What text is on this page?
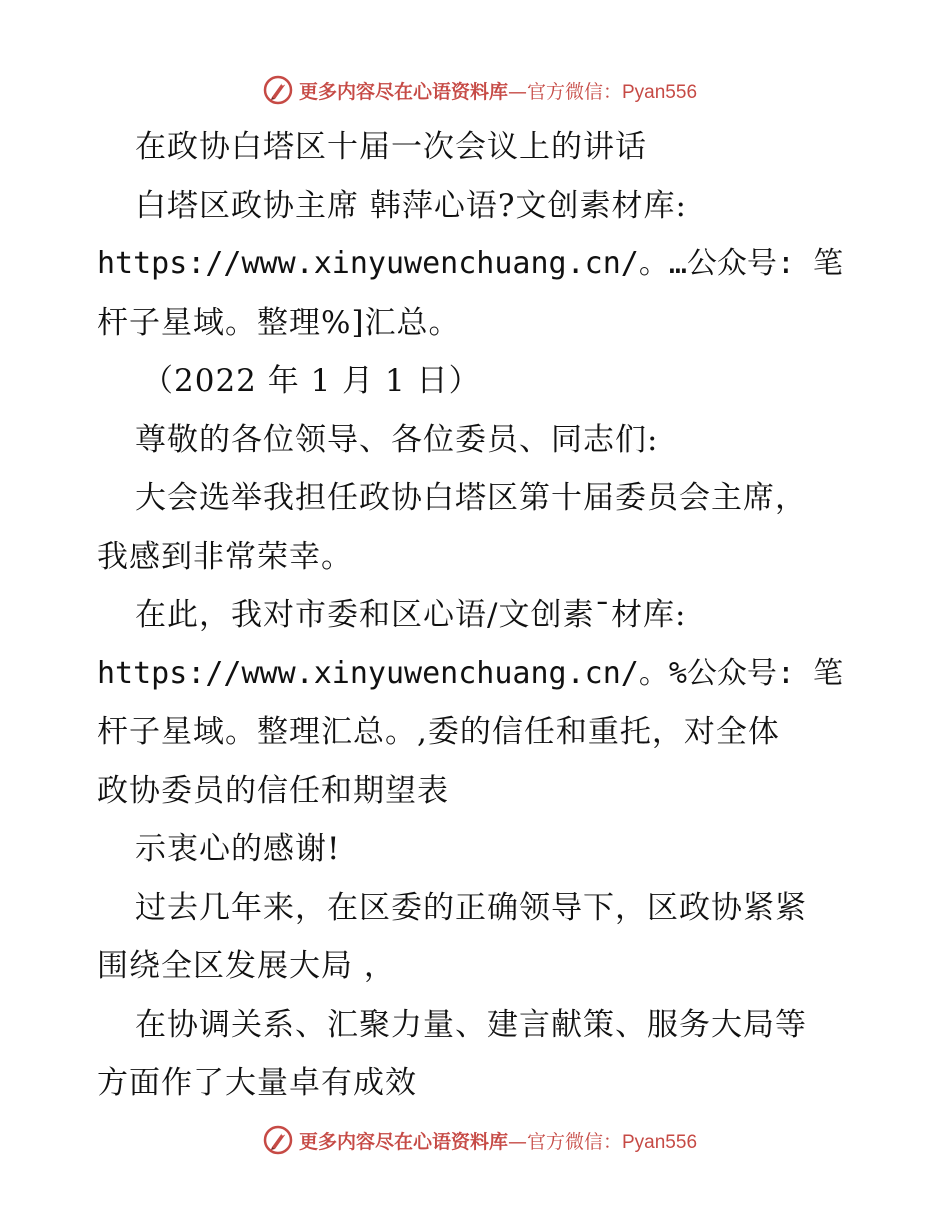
更多内容尽在心语资料库—官方微信：Pyan556
在政协白塔区十届一次会议上的讲话
白塔区政协主席 韩萍心语?文创素材库:
https://www.xinyuwenchuang.cn/。…公众号: 笔
杆子星域。整理%]汇总。
（2022 年 1 月 1 日）
尊敬的各位领导、各位委员、同志们:
大会选举我担任政协白塔区第十届委员会主席，
我感到非常荣幸。
在此，我对市委和区心语/文创素¯材库:
https://www.xinyuwenchuang.cn/。%公众号: 笔
杆子星域。整理汇总。,委的信任和重托，对全体
政协委员的信任和期望表
示衷心的感谢!
过去几年来，在区委的正确领导下，区政协紧紧
围绕全区发展大局 ，
在协调关系、汇聚力量、建言献策、服务大局等
方面作了大量卓有成效
更多内容尽在心语资料库—官方微信：Pyan556
